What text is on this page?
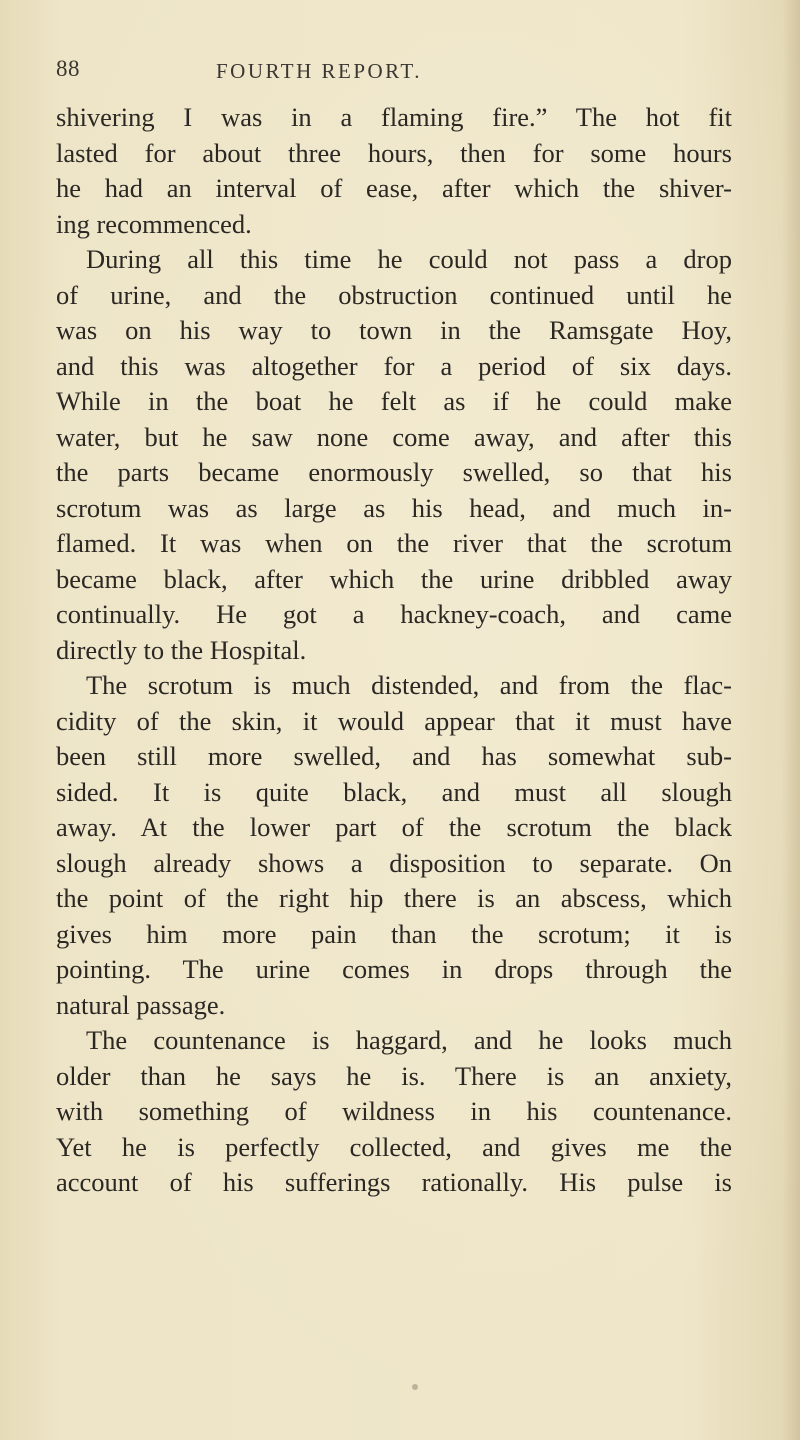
88	FOURTH REPORT.
shivering I was in a flaming fire.” The hot fit
lasted for about three hours, then for some hours
he had an interval of ease, after which the shiver-
ing recommenced.
During all this time he could not pass a drop
of urine, and the obstruction continued until he
was on his way to town in the Ramsgate Hoy,
and this was altogether for a period of six days.
While in the boat he felt as if he could make
water, but he saw none come away, and after this
the parts became enormously swelled, so that his
scrotum was as large as his head, and much in-
flamed. It was when on the river that the scrotum
became black, after which the urine dribbled away
continually. He got a hackney-coach, and came
directly to the Hospital.
The scrotum is much distended, and from the flac-
cidity of the skin, it would appear that it must have
been still more swelled, and has somewhat sub-
sided. It is quite black, and must all slough
away. At the lower part of the scrotum the black
slough already shows a disposition to separate. On
the point of the right hip there is an abscess, which
gives him more pain than the scrotum; it is
pointing. The urine comes in drops through the
natural passage.
The countenance is haggard, and he looks much
older than he says he is. There is an anxiety,
with something of wildness in his countenance.
Yet he is perfectly collected, and gives me the
account of his sufferings rationally. His pulse is
